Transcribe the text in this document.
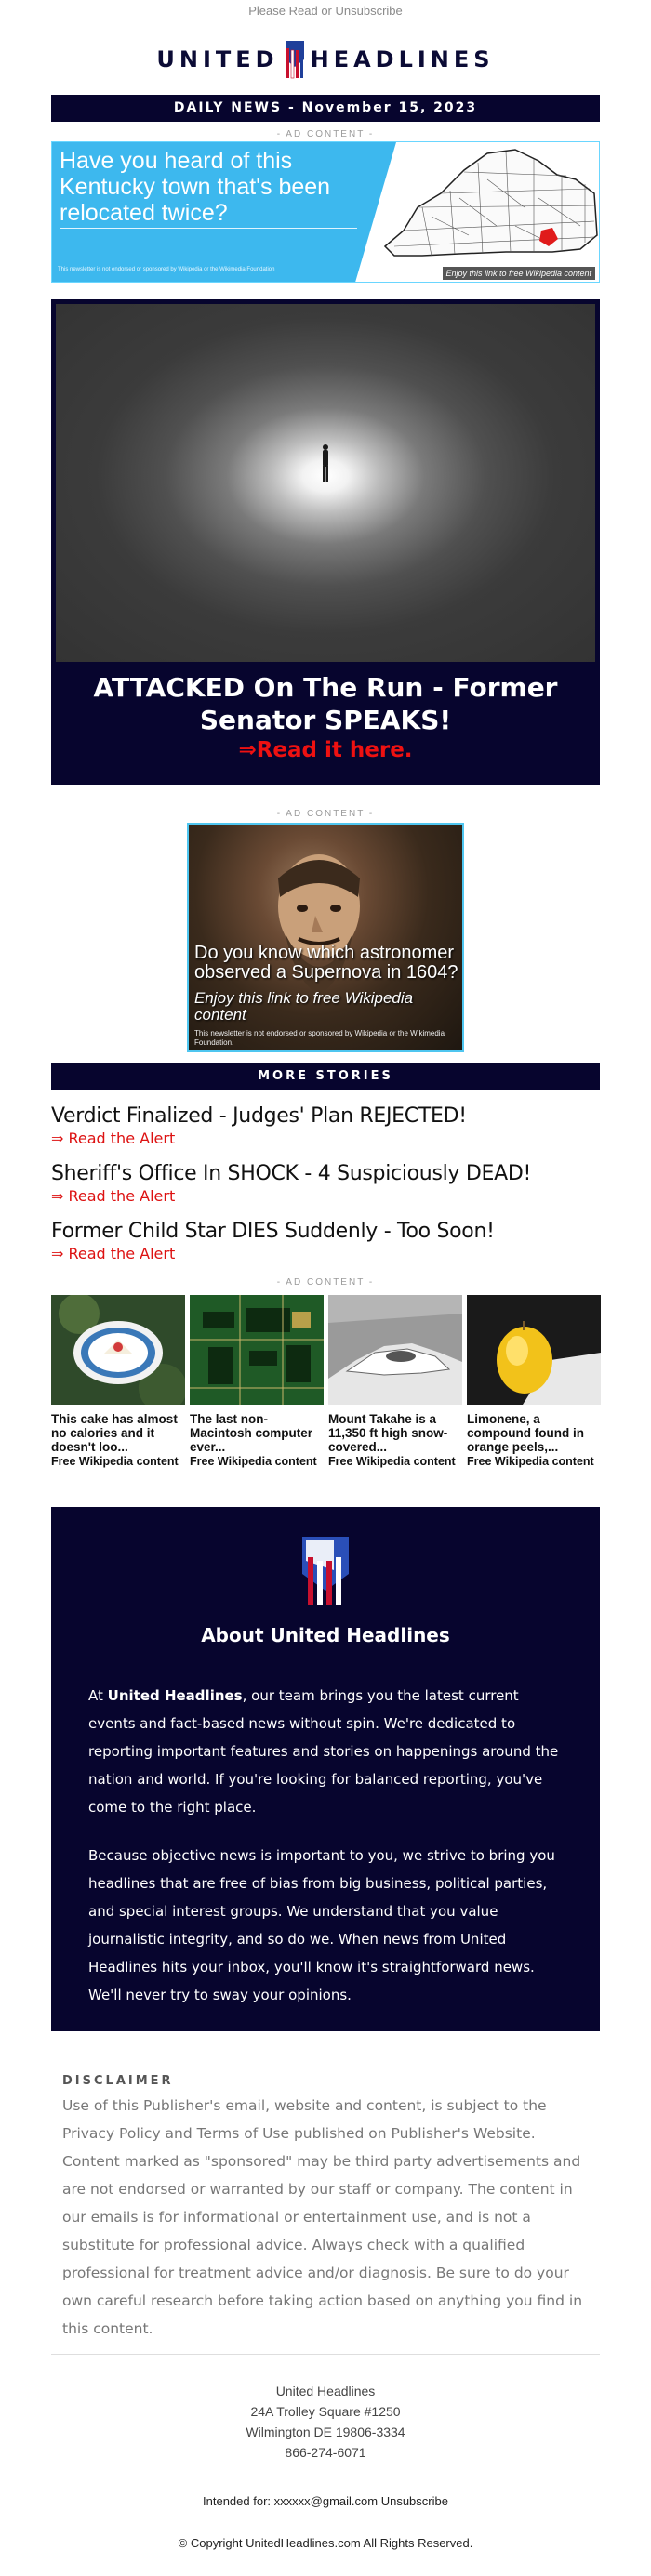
Please Read or Unsubscribe
UNITED HEADLINES
DAILY NEWS - November 15, 2023
- AD CONTENT -
Have you heard of this Kentucky town that's been relocated twice?
This newsletter is not endorsed or sponsored by Wikipedia or the Wikimedia Foundation	Enjoy this link to free Wikipedia content
ATTACKED On The Run - Former Senator SPEAKS!
⇒Read it here.
- AD CONTENT -
Do you know which astronomer observed a Supernova in 1604?
Enjoy this link to free Wikipedia content
This newsletter is not endorsed or sponsored by Wikipedia or the Wikimedia Foundation.
MORE STORIES
Verdict Finalized - Judges' Plan REJECTED!
⇒ Read the Alert
Sheriff's Office In SHOCK - 4 Suspiciously DEAD!
⇒ Read the Alert
Former Child Star DIES Suddenly - Too Soon!
⇒ Read the Alert
- AD CONTENT -
This cake has almost no calories and it doesn't loo...
Free Wikipedia content
The last non-Macintosh computer ever...
Free Wikipedia content
Mount Takahe is a 11,350 ft high snow-covered...
Free Wikipedia content
Limonene, a compound found in orange peels,...
Free Wikipedia content
About United Headlines

At United Headlines, our team brings you the latest current events and fact-based news without spin. We're dedicated to reporting important features and stories on happenings around the nation and world. If you're looking for balanced reporting, you've come to the right place.

Because objective news is important to you, we strive to bring you headlines that are free of bias from big business, political parties, and special interest groups. We understand that you value journalistic integrity, and so do we. When news from United Headlines hits your inbox, you'll know it's straightforward news. We'll never try to sway your opinions.

DISCLAIMER

Use of this Publisher's email, website and content, is subject to the Privacy Policy and Terms of Use published on Publisher's Website. Content marked as "sponsored" may be third party advertisements and are not endorsed or warranted by our staff or company. The content in our emails is for informational or entertainment use, and is not a substitute for professional advice. Always check with a qualified professional for treatment advice and/or diagnosis. Be sure to do your own careful research before taking action based on anything you find in this content.

United Headlines
24A Trolley Square #1250
Wilmington DE 19806-3334
866-274-6071
Intended for: xxxxxx@gmail.com Unsubscribe
© Copyright UnitedHeadlines.com All Rights Reserved.
